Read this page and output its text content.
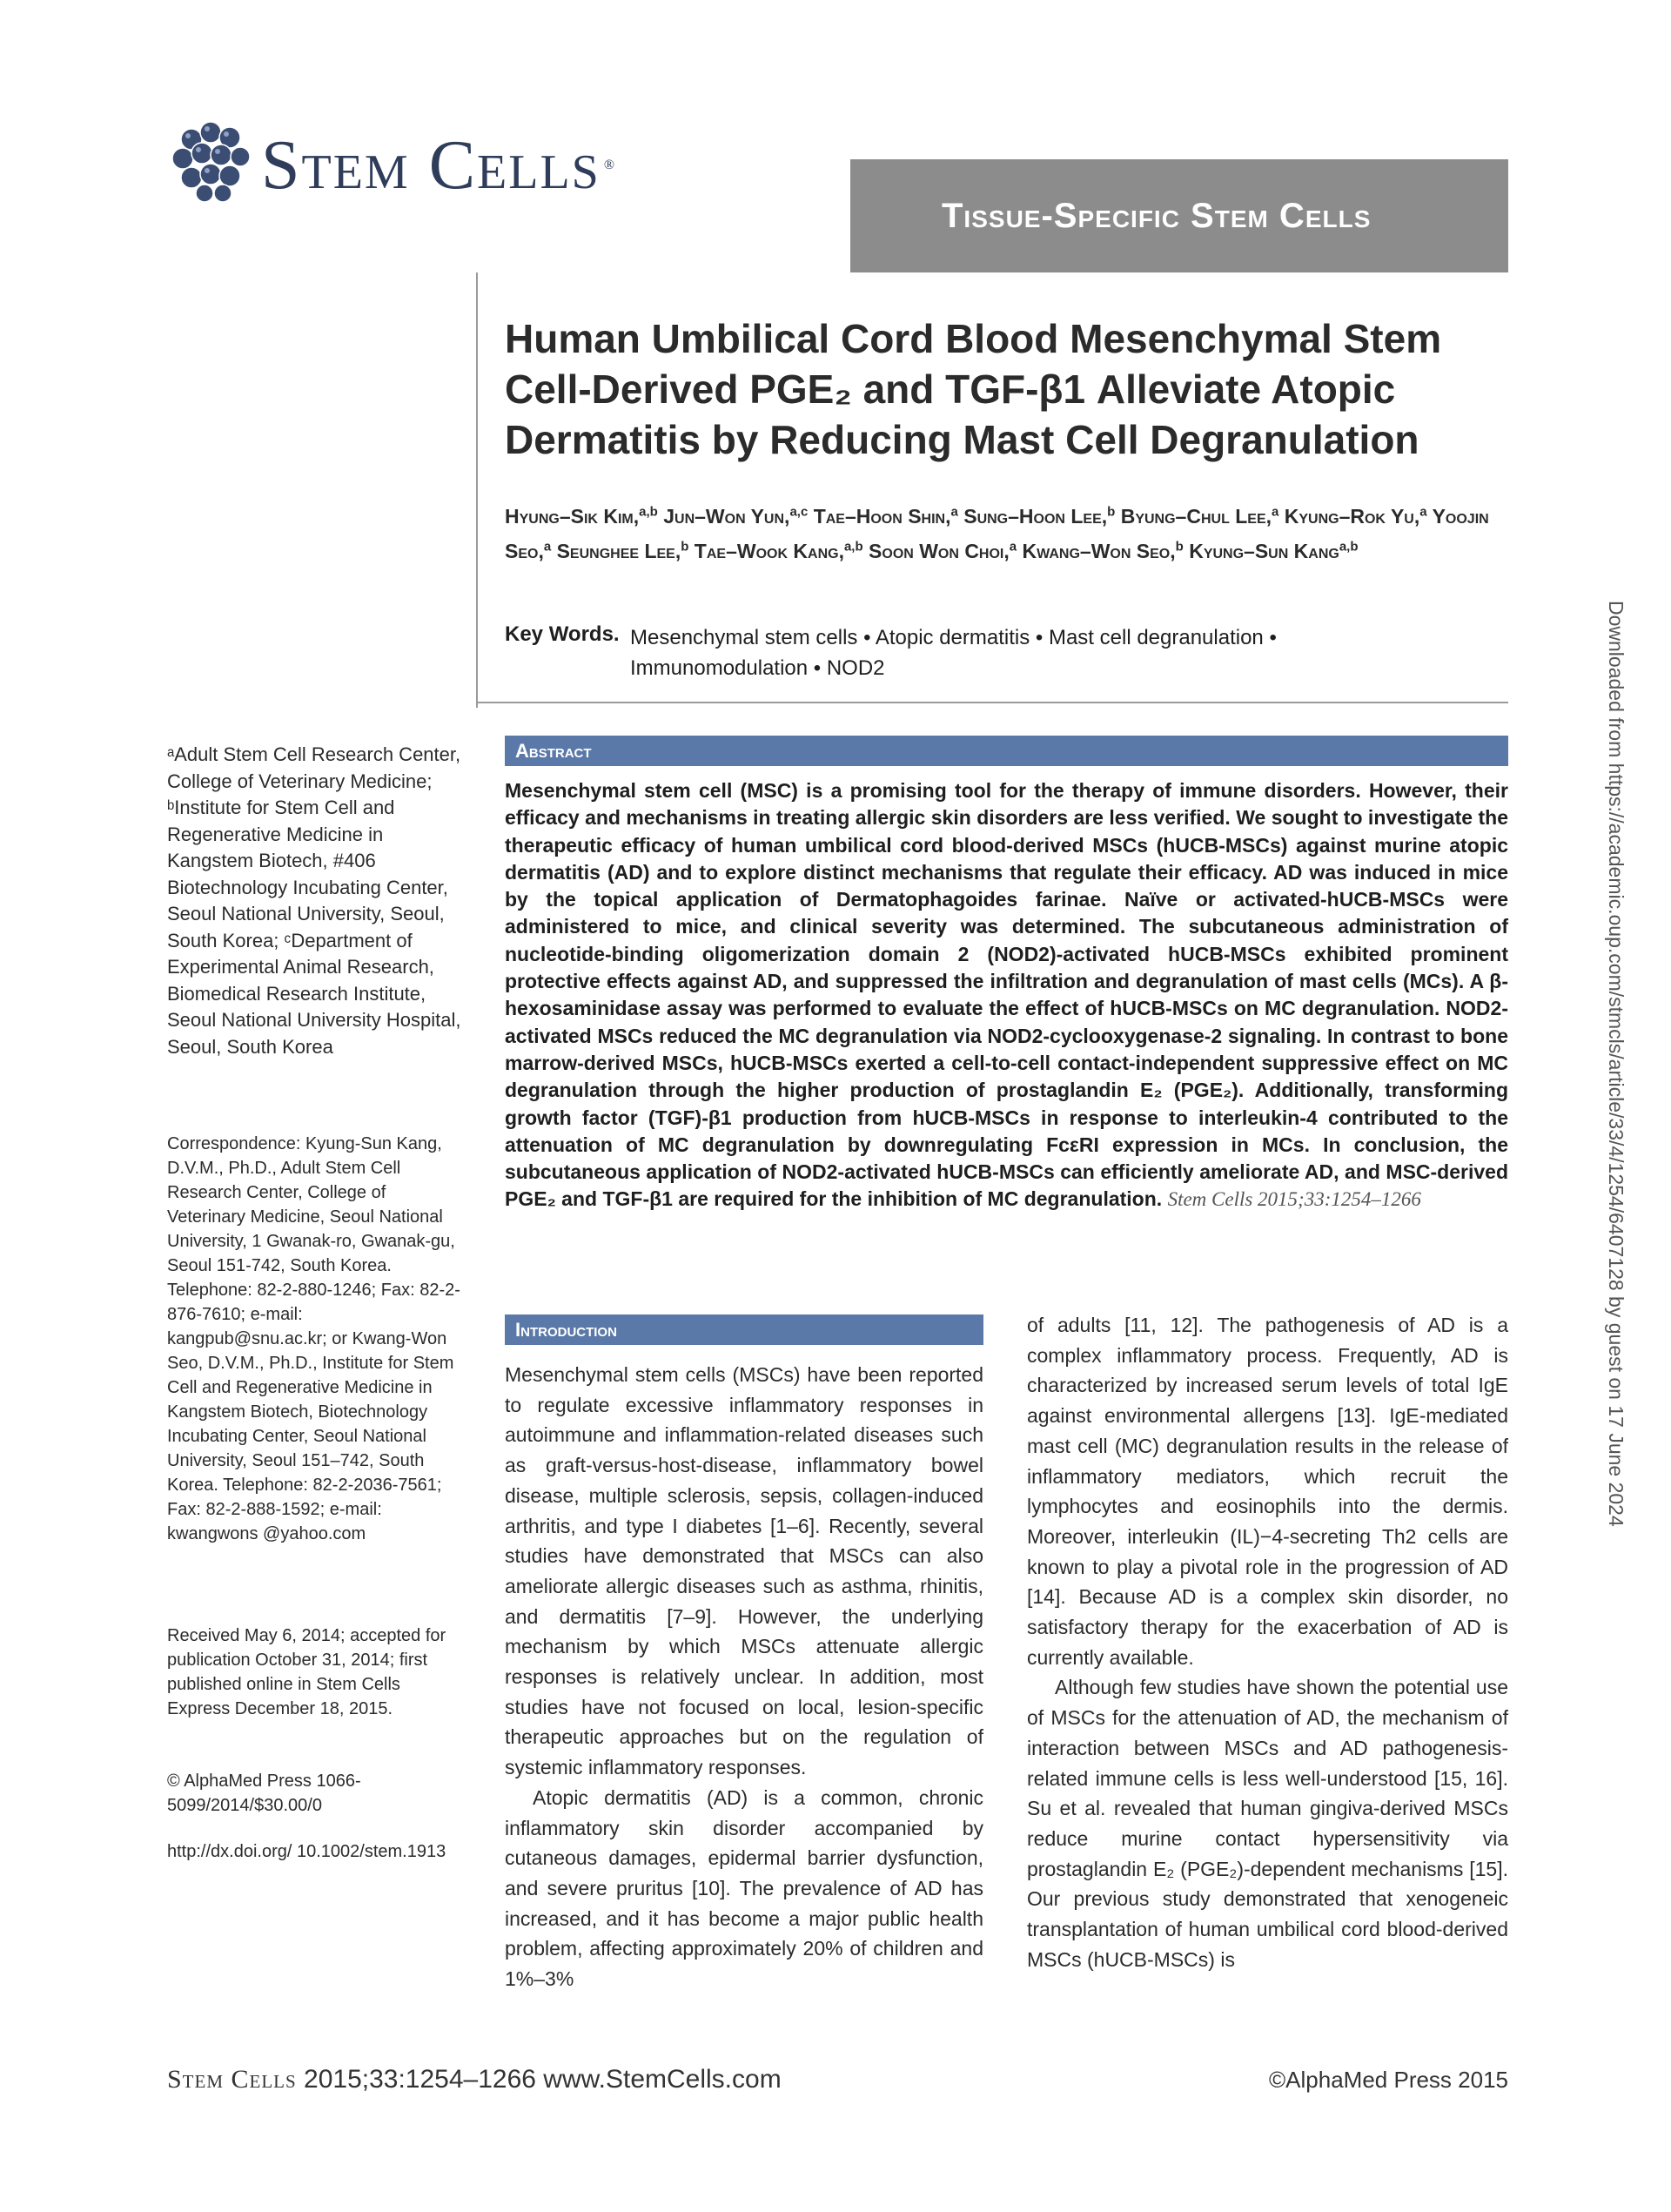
Stem Cells ®
Tissue-Specific Stem Cells
Human Umbilical Cord Blood Mesenchymal Stem Cell-Derived PGE₂ and TGF-β1 Alleviate Atopic Dermatitis by Reducing Mast Cell Degranulation
Hyung–Sik Kim,$^{a,b}$ Jun–Won Yun,$^{a,c}$ Tae–Hoon Shin,$^a$ Sung–Hoon Lee,$^b$ Byung–Chul Lee,$^a$ Kyung–Rok Yu,$^a$ Yoojin Seo,$^a$ Seunghee Lee,$^b$ Tae–Wook Kang,$^{a,b}$ Soon Won Choi,$^a$ Kwang–Won Seo,$^b$ Kyung–Sun Kang$^{a,b}$
Key Words. Mesenchymal stem cells • Atopic dermatitis • Mast cell degranulation • Immunomodulation • NOD2
Abstract
Mesenchymal stem cell (MSC) is a promising tool for the therapy of immune disorders. However, their efficacy and mechanisms in treating allergic skin disorders are less verified. We sought to investigate the therapeutic efficacy of human umbilical cord blood-derived MSCs (hUCB-MSCs) against murine atopic dermatitis (AD) and to explore distinct mechanisms that regulate their efficacy. AD was induced in mice by the topical application of Dermatophagoides farinae. Naïve or activated-hUCB-MSCs were administered to mice, and clinical severity was determined. The subcutaneous administration of nucleotide-binding oligomerization domain 2 (NOD2)-activated hUCB-MSCs exhibited prominent protective effects against AD, and suppressed the infiltration and degranulation of mast cells (MCs). A β-hexosaminidase assay was performed to evaluate the effect of hUCB-MSCs on MC degranulation. NOD2-activated MSCs reduced the MC degranulation via NOD2-cyclooxygenase-2 signaling. In contrast to bone marrow-derived MSCs, hUCB-MSCs exerted a cell-to-cell contact-independent suppressive effect on MC degranulation through the higher production of prostaglandin E₂ (PGE₂). Additionally, transforming growth factor (TGF)-β1 production from hUCB-MSCs in response to interleukin-4 contributed to the attenuation of MC degranulation by downregulating FcεRI expression in MCs. In conclusion, the subcutaneous application of NOD2-activated hUCB-MSCs can efficiently ameliorate AD, and MSC-derived PGE₂ and TGF-β1 are required for the inhibition of MC degranulation. Stem Cells 2015;33:1254–1266
ᵃAdult Stem Cell Research Center, College of Veterinary Medicine; ᵇInstitute for Stem Cell and Regenerative Medicine in Kangstem Biotech, #406 Biotechnology Incubating Center, Seoul National University, Seoul, South Korea; ᶜDepartment of Experimental Animal Research, Biomedical Research Institute, Seoul National University Hospital, Seoul, South Korea
Correspondence: Kyung-Sun Kang, D.V.M., Ph.D., Adult Stem Cell Research Center, College of Veterinary Medicine, Seoul National University, 1 Gwanak-ro, Gwanak-gu, Seoul 151-742, South Korea. Telephone: 82-2-880-1246; Fax: 82-2-876-7610; e-mail: kangpub@snu.ac.kr; or Kwang-Won Seo, D.V.M., Ph.D., Institute for Stem Cell and Regenerative Medicine in Kangstem Biotech, Biotechnology Incubating Center, Seoul National University, Seoul 151–742, South Korea. Telephone: 82-2-2036-7561; Fax: 82-2-888-1592; e-mail: kwangwons @yahoo.com
Received May 6, 2014; accepted for publication October 31, 2014; first published online in Stem Cells Express December 18, 2015.
© AlphaMed Press 1066-5099/2014/$30.00/0
http://dx.doi.org/ 10.1002/stem.1913
Introduction

Mesenchymal stem cells (MSCs) have been reported to regulate excessive inflammatory responses in autoimmune and inflammation-related diseases such as graft-versus-host-disease, inflammatory bowel disease, multiple sclerosis, sepsis, collagen-induced arthritis, and type I diabetes [1–6]. Recently, several studies have demonstrated that MSCs can also ameliorate allergic diseases such as asthma, rhinitis, and dermatitis [7–9]. However, the underlying mechanism by which MSCs attenuate allergic responses is relatively unclear. In addition, most studies have not focused on local, lesion-specific therapeutic approaches but on the regulation of systemic inflammatory responses.

Atopic dermatitis (AD) is a common, chronic inflammatory skin disorder accompanied by cutaneous damages, epidermal barrier dysfunction, and severe pruritus [10]. The prevalence of AD has increased, and it has become a major public health problem, affecting approximately 20% of children and 1%–3%

of adults [11, 12]. The pathogenesis of AD is a complex inflammatory process. Frequently, AD is characterized by increased serum levels of total IgE against environmental allergens [13]. IgE-mediated mast cell (MC) degranulation results in the release of inflammatory mediators, which recruit the lymphocytes and eosinophils into the dermis. Moreover, interleukin (IL)−4-secreting Th2 cells are known to play a pivotal role in the progression of AD [14]. Because AD is a complex skin disorder, no satisfactory therapy for the exacerbation of AD is currently available.

Although few studies have shown the potential use of MSCs for the attenuation of AD, the mechanism of interaction between MSCs and AD pathogenesis-related immune cells is less well-understood [15, 16]. Su et al. revealed that human gingiva-derived MSCs reduce murine contact hypersensitivity via prostaglandin E₂ (PGE₂)-dependent mechanisms [15]. Our previous study demonstrated that xenogeneic transplantation of human umbilical cord blood-derived MSCs (hUCB-MSCs) is

Downloaded from https://academic.oup.com/stmcls/article/33/4/1254/6407128 by guest on 17 June 2024
Stem Cells 2015;33:1254–1266 www.StemCells.com	©AlphaMed Press 2015
